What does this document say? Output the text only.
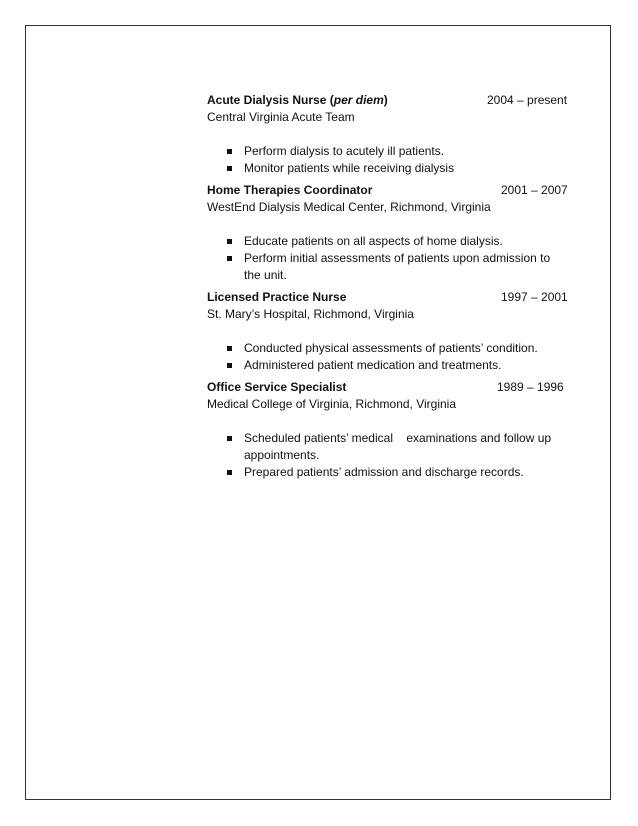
Acute Dialysis Nurse (per diem)	2004 – present
Central Virginia Acute Team
Perform dialysis to acutely ill patients.
Monitor patients while receiving dialysis
Home Therapies Coordinator	2001 – 2007
WestEnd Dialysis Medical Center, Richmond, Virginia
Educate patients on all aspects of home dialysis.
Perform initial assessments of patients upon admission to the unit.
Licensed Practice Nurse	1997 – 2001
St. Mary’s Hospital, Richmond, Virginia
Conducted physical assessments of patients’ condition.
Administered patient medication and treatments.
Office Service Specialist	1989 – 1996
Medical College of Virginia, Richmond, Virginia
Scheduled patients’ medical    examinations and follow up appointments.
Prepared patients’ admission and discharge records.
